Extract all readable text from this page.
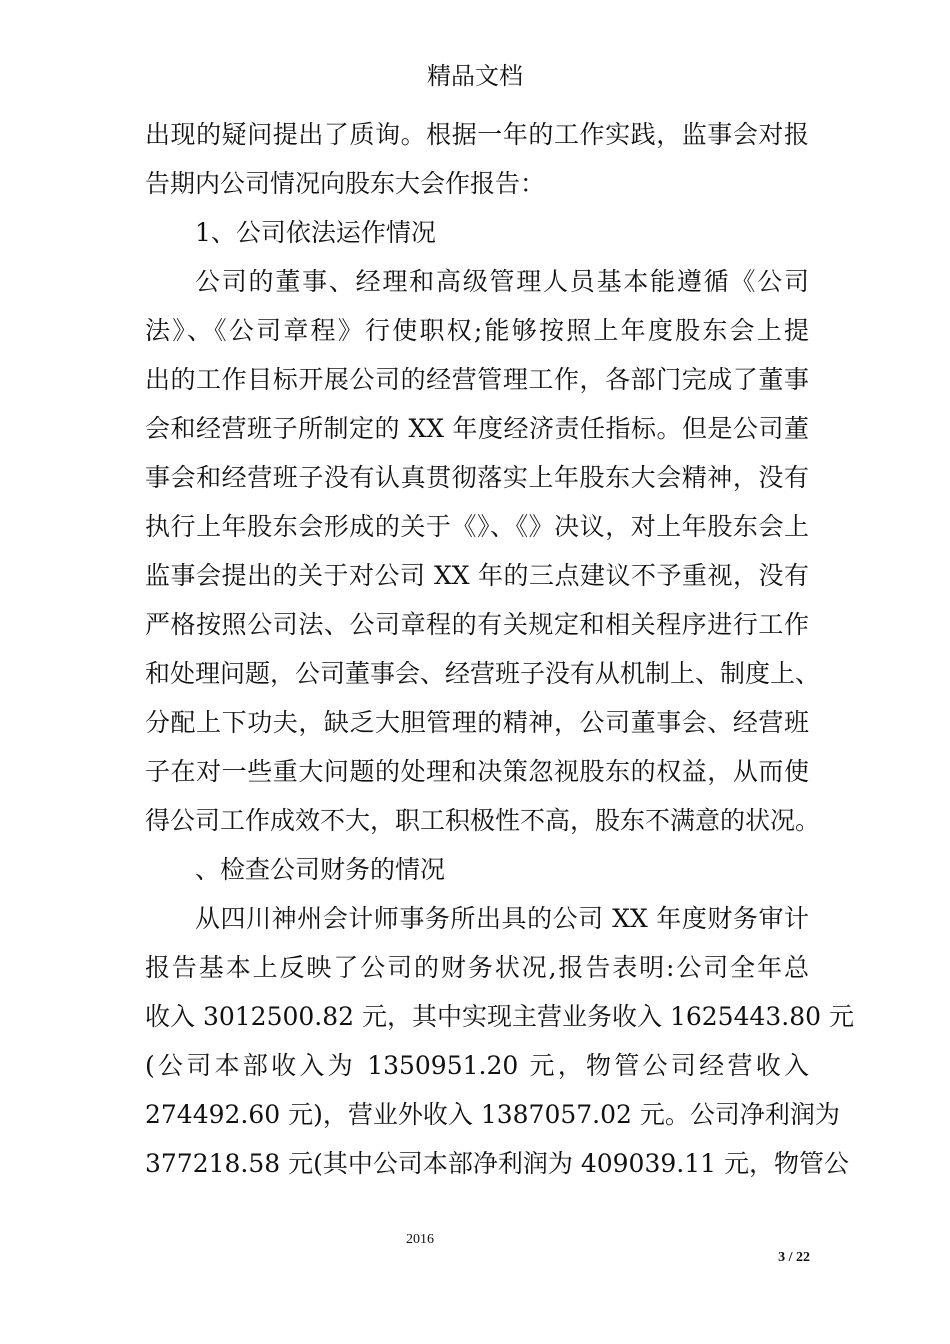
精品文档
出现的疑问提出了质询。根据一年的工作实践，监事会对报
告期内公司情况向股东大会作报告：
1、公司依法运作情况
公司的董事、经理和高级管理人员基本能遵循《公司
法》、《公司章程》行使职权;能够按照上年度股东会上提
出的工作目标开展公司的经营管理工作，各部门完成了董事
会和经营班子所制定的 XX 年度经济责任指标。但是公司董
事会和经营班子没有认真贯彻落实上年股东大会精神，没有
执行上年股东会形成的关于《》、《》决议，对上年股东会上
监事会提出的关于对公司 XX 年的三点建议不予重视，没有
严格按照公司法、公司章程的有关规定和相关程序进行工作
和处理问题，公司董事会、经营班子没有从机制上、制度上、
分配上下功夫，缺乏大胆管理的精神，公司董事会、经营班
子在对一些重大问题的处理和决策忽视股东的权益，从而使
得公司工作成效不大，职工积极性不高，股东不满意的状况。
、检查公司财务的情况
从四川神州会计师事务所出具的公司 XX 年度财务审计
报告基本上反映了公司的财务状况,报告表明:公司全年总
收入 3012500.82 元，其中实现主营业务收入 1625443.80 元
(公司本部收入为 1350951.20 元，物管公司经营收入
274492.60 元)，营业外收入 1387057.02 元。公司净利润为
377218.58 元(其中公司本部净利润为 409039.11 元，物管公
2016
3 / 22
